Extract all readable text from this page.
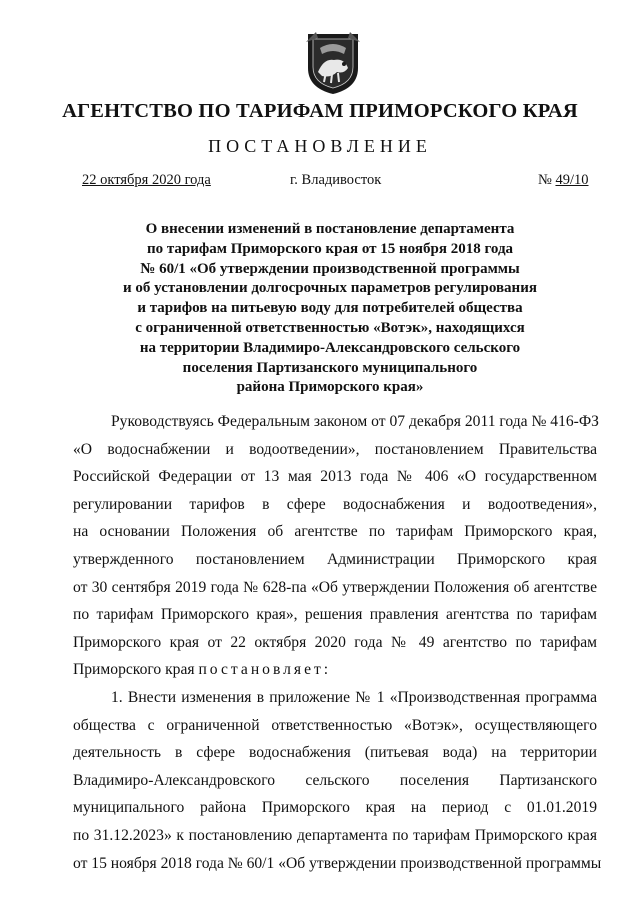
АГЕНТСТВО ПО ТАРИФАМ ПРИМОРСКОГО КРАЯ
ПОСТАНОВЛЕНИЕ
22 октября 2020 года	г. Владивосток	№ 49/10
О внесении изменений в постановление департамента
по тарифам Приморского края от 15 ноября 2018 года
№ 60/1 «Об утверждении производственной программы
и об установлении долгосрочных параметров регулирования
и тарифов на питьевую воду для потребителей общества
с ограниченной ответственностью «Вотэк», находящихся
на территории Владимиро-Александровского сельского
поселения Партизанского муниципального
района Приморского края»
Руководствуясь Федеральным законом от 07 декабря 2011 года № 416-ФЗ
«О водоснабжении и водоотведении», постановлением Правительства
Российской Федерации от 13 мая 2013 года № 406 «О государственном
регулировании тарифов в сфере водоснабжения и водоотведения»,
на основании Положения об агентстве по тарифам Приморского края,
утвержденного постановлением Администрации Приморского края
от 30 сентября 2019 года № 628-па «Об утверждении Положения об агентстве
по тарифам Приморского края», решения правления агентства по тарифам
Приморского края от 22 октября 2020 года № 49 агентство по тарифам
Приморского края постановляет:
1. Внести изменения в приложение № 1 «Производственная программа
общества с ограниченной ответственностью «Вотэк», осуществляющего
деятельность в сфере водоснабжения (питьевая вода) на территории
Владимиро-Александровского сельского поселения Партизанского
муниципального района Приморского края на период с 01.01.2019
по 31.12.2023» к постановлению департамента по тарифам Приморского края
от 15 ноября 2018 года № 60/1 «Об утверждении производственной программы
